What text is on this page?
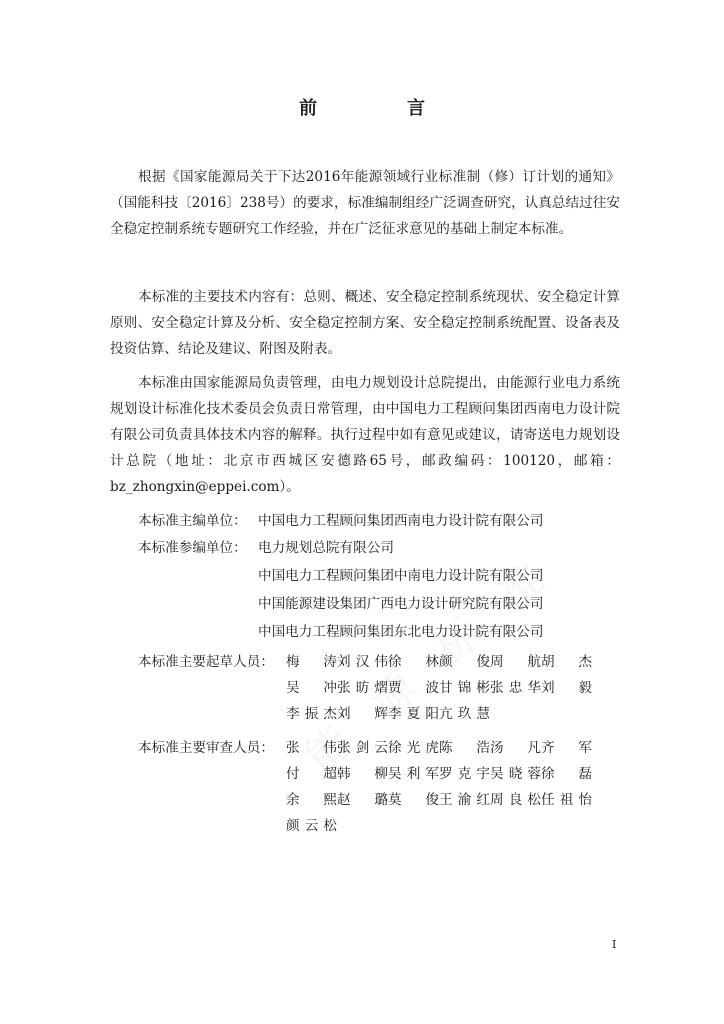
前　言

根据《国家能源局关于下达2016年能源领域行业标准制（修）订计划的通知》（国能科技〔2016〕238号）的要求，标准编制组经广泛调查研究，认真总结过往安全稳定控制系统专题研究工作经验，并在广泛征求意见的基础上制定本标准。

本标准的主要技术内容有：总则、概述、安全稳定控制系统现状、安全稳定计算原则、安全稳定计算及分析、安全稳定控制方案、安全稳定控制系统配置、设备表及投资估算、结论及建议、附图及附表。

本标准由国家能源局负责管理，由电力规划设计总院提出，由能源行业电力系统规划设计标准化技术委员会负责日常管理，由中国电力工程顾问集团西南电力设计院有限公司负责具体技术内容的解释。执行过程中如有意见或建议，请寄送电力规划设计总院（地址：北京市西城区安德路65号，邮政编码：100120，邮箱：bz_zhongxin@eppei.com）。

本标准主编单位： 中国电力工程顾问集团西南电力设计院有限公司
本标准参编单位： 电力规划总院有限公司
中国电力工程顾问集团中南电力设计院有限公司
中国能源建设集团广西电力设计研究院有限公司
中国电力工程顾问集团东北电力设计院有限公司
本标准主要起草人员： 梅　涛 刘汉伟 徐　林 颜　俊 周　航 胡　杰
吴　冲 张昉熠 贾　波 甘锦彬 张忠华 刘　毅
李振杰 刘　辉 李夏阳 亢玖慧
本标准主要审查人员： 张　伟 张剑云 徐光虎 陈　浩 汤　凡 齐　军
付　超 韩　柳 吴利军 罗克宇 吴晓蓉 徐　磊
余　熙 赵　璐 莫　俊 王渝红 周良松 任祖怡
颜云松
I
